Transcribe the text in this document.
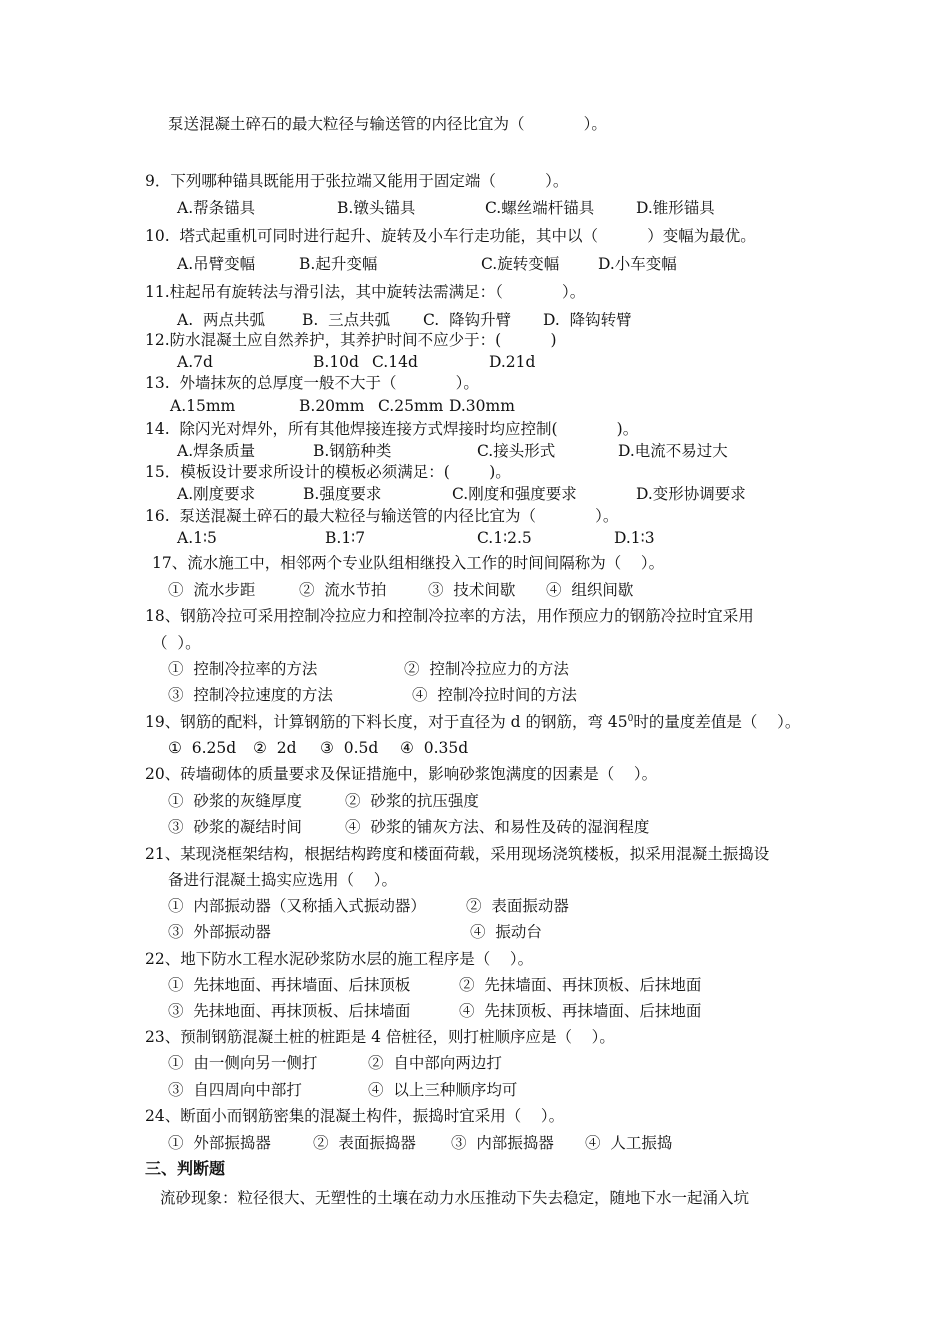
泵送混凝土碎石的最大粒径与输送管的内径比宜为（            ）。
9．下列哪种锚具既能用于张拉端又能用于固定端（          ）。
A.帮条锚具	B.镦头锚具	C.螺丝端杆锚具	D.锥形锚具
10.  塔式起重机可同时进行起升、旋转及小车行走功能，其中以（          ）变幅为最优。
A.吊臂变幅	B.起升变幅	C.旋转变幅	D.小车变幅
11.柱起吊有旋转法与滑引法，其中旋转法需满足：（            ）。
A.  两点共弧 B.  三点共弧 C.  降钩升臂 D.  降钩转臂
12.防水混凝土应自然养护，其养护时间不应少于：(          )
A.7d	B.10d C.14d	D.21d
13.  外墙抹灰的总厚度一般不大于（            ）。
A.15mm	B.20mm C.25mm D.30mm
14.  除闪光对焊外，所有其他焊接连接方式焊接时均应控制(            )。
A.焊条质量	B.钢筋种类	C.接头形式	D.电流不易过大
15．模板设计要求所设计的模板必须满足：(        )。
A.刚度要求	B.强度要求	C.刚度和强度要求	D.变形协调要求
16.  泵送混凝土碎石的最大粒径与输送管的内径比宜为（            ）。
A.1∶5	B.1∶7	C.1∶2.5	D.1∶3
17、流水施工中，相邻两个专业队组相继投入工作的时间间隔称为（    ）。
①  流水步距	②  流水节拍	③  技术间歇 ④  组织间歇
18、钢筋冷拉可采用控制冷拉应力和控制冷拉率的方法，用作预应力的钢筋冷拉时宜采用
（  ）。
①  控制冷拉率的方法	②  控制冷拉应力的方法
③  控制冷拉速度的方法	④  控制冷拉时间的方法
19、钢筋的配料，计算钢筋的下料长度，对于直径为 d 的钢筋，弯 $45^0$时的量度差值是（    ）。
①  6.25d ②  2d ③  0.5d ④  0.35d
20、砖墙砌体的质量要求及保证措施中，影响砂浆饱满度的因素是（    ）。
①  砂浆的灰缝厚度	②  砂浆的抗压强度
③  砂浆的凝结时间	④  砂浆的铺灰方法、和易性及砖的湿润程度
21、某现浇框架结构，根据结构跨度和楼面荷载，采用现场浇筑楼板，拟采用混凝土振捣设
备进行混凝土捣实应选用（    ）。
①  内部振动器（又称插入式振动器）	②  表面振动器
③  外部振动器	④  振动台
22、地下防水工程水泥砂浆防水层的施工程序是（    ）。
①  先抹地面、再抹墙面、后抹顶板	②  先抹墙面、再抹顶板、后抹地面
③  先抹地面、再抹顶板、后抹墙面	④  先抹顶板、再抹墙面、后抹地面
23、预制钢筋混凝土桩的桩距是 4 倍桩径，则打桩顺序应是（    ）。
①  由一侧向另一侧打	②  自中部向两边打
③  自四周向中部打	④  以上三种顺序均可
24、断面小而钢筋密集的混凝土构件，振捣时宜采用（    ）。
①  外部振捣器	②  表面振捣器 ③  内部振捣器 ④  人工振捣
三、判断题
流砂现象：粒径很大、无塑性的土壤在动力水压推动下失去稳定，随地下水一起涌入坑
